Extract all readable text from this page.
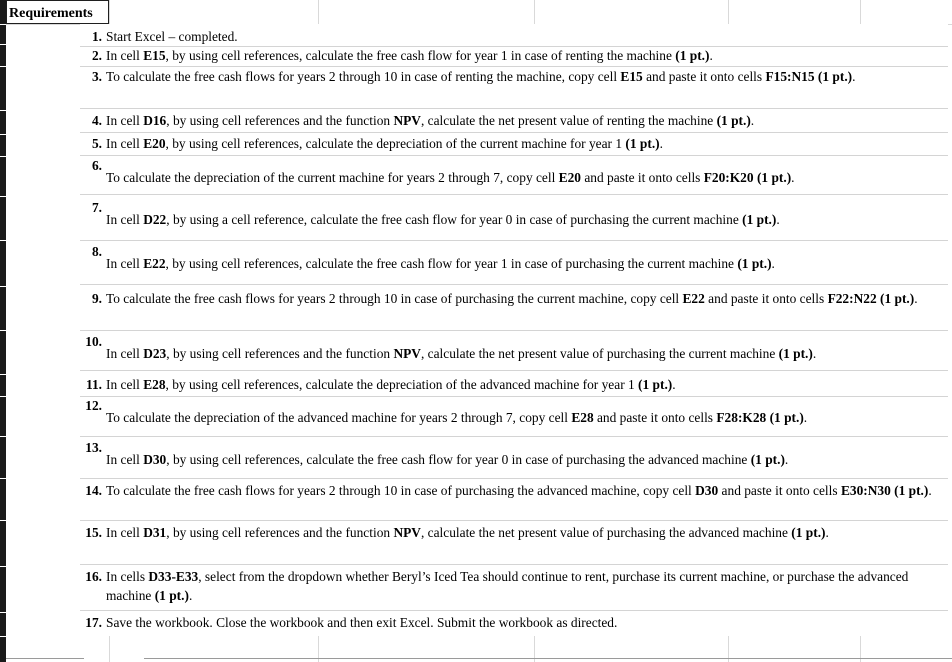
Requirements
1. Start Excel – completed.
2. In cell E15, by using cell references, calculate the free cash flow for year 1 in case of renting the machine (1 pt.).
3. To calculate the free cash flows for years 2 through 10 in case of renting the machine, copy cell E15 and paste it onto cells F15:N15 (1 pt.).
4. In cell D16, by using cell references and the function NPV, calculate the net present value of renting the machine (1 pt.).
5. In cell E20, by using cell references, calculate the depreciation of the current machine for year 1 (1 pt.).
6.
To calculate the depreciation of the current machine for years 2 through 7, copy cell E20 and paste it onto cells F20:K20 (1 pt.).
7.
In cell D22, by using a cell reference, calculate the free cash flow for year 0 in case of purchasing the current machine (1 pt.).
8.
In cell E22, by using cell references, calculate the free cash flow for year 1 in case of purchasing the current machine (1 pt.).
9. To calculate the free cash flows for years 2 through 10 in case of purchasing the current machine, copy cell E22 and paste it onto cells F22:N22 (1 pt.).
10.
In cell D23, by using cell references and the function NPV, calculate the net present value of purchasing the current machine (1 pt.).
11. In cell E28, by using cell references, calculate the depreciation of the advanced machine for year 1 (1 pt.).
12.
To calculate the depreciation of the advanced machine for years 2 through 7, copy cell E28 and paste it onto cells F28:K28 (1 pt.).
13.
In cell D30, by using cell references, calculate the free cash flow for year 0 in case of purchasing the advanced machine (1 pt.).
14. To calculate the free cash flows for years 2 through 10 in case of purchasing the advanced machine, copy cell D30 and paste it onto cells E30:N30 (1 pt.).
15. In cell D31, by using cell references and the function NPV, calculate the net present value of purchasing the advanced machine (1 pt.).
16. In cells D33-E33, select from the dropdown whether Beryl’s Iced Tea should continue to rent, purchase its current machine, or purchase the advanced machine (1 pt.).
17. Save the workbook. Close the workbook and then exit Excel. Submit the workbook as directed.
